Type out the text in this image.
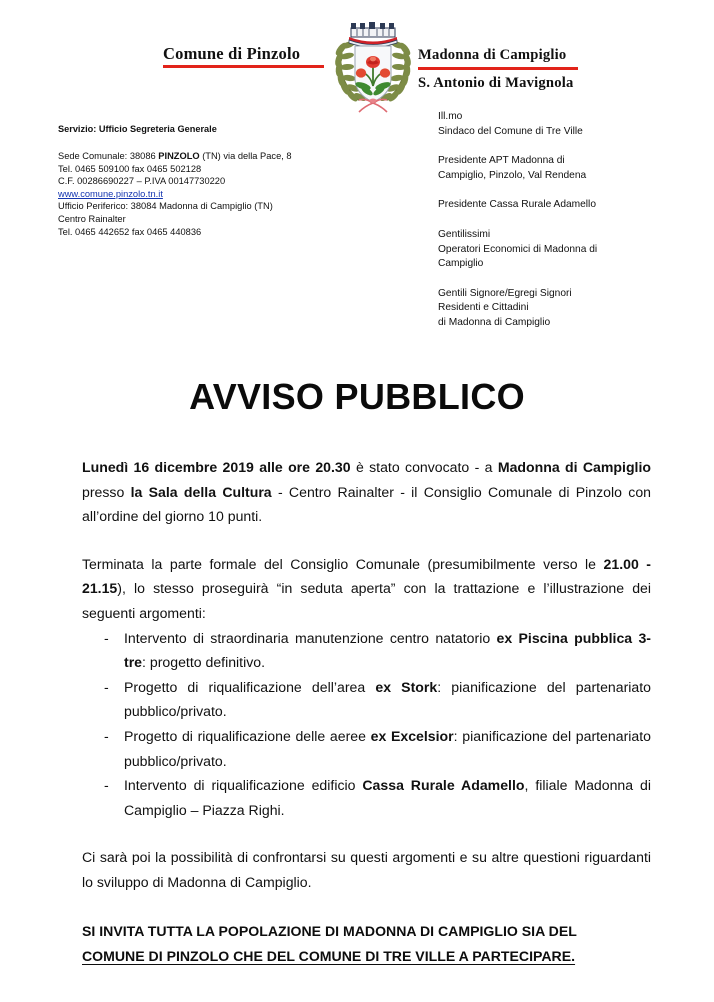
Comune di Pinzolo	Madonna di Campiglio
S. Antonio di Mavignola
Servizio: Ufficio Segreteria Generale
Sede Comunale: 38086 PINZOLO (TN) via della Pace, 8
Tel. 0465 509100 fax 0465 502128
C.F. 00286690227 – P.IVA 00147730220
www.comune.pinzolo.tn.it
Ufficio Periferico: 38084 Madonna di Campiglio (TN)
Centro Rainalter
Tel. 0465 442652 fax 0465 440836
Ill.mo
Sindaco del Comune di Tre Ville
Presidente APT Madonna di
Campiglio, Pinzolo, Val Rendena
Presidente Cassa Rurale Adamello
Gentilissimi
Operatori Economici di Madonna di
Campiglio
Gentili Signore/Egregi Signori
Residenti e Cittadini
di Madonna di Campiglio
AVVISO PUBBLICO

Lunedì 16 dicembre 2019 alle ore 20.30 è stato convocato - a Madonna di Campiglio presso la Sala della Cultura - Centro Rainalter - il Consiglio Comunale di Pinzolo con all’ordine del giorno 10 punti.

Terminata la parte formale del Consiglio Comunale (presumibilmente verso le 21.00 - 21.15), lo stesso proseguirà “in seduta aperta” con la trattazione e l’illustrazione dei seguenti argomenti:

- Intervento di straordinaria manutenzione centro natatorio ex Piscina pubblica 3-tre: progetto definitivo.
- Progetto di riqualificazione dell’area ex Stork: pianificazione del partenariato pubblico/privato.
- Progetto di riqualificazione delle aeree ex Excelsior: pianificazione del partenariato pubblico/privato.
- Intervento di riqualificazione edificio Cassa Rurale Adamello, filiale Madonna di Campiglio – Piazza Righi.

Ci sarà poi la possibilità di confrontarsi su questi argomenti e su altre questioni riguardanti lo sviluppo di Madonna di Campiglio.

SI INVITA TUTTA LA POPOLAZIONE DI MADONNA DI CAMPIGLIO SIA DELCOMUNE DI PINZOLO CHE DEL COMUNE DI TRE VILLE A PARTECIPARE.
